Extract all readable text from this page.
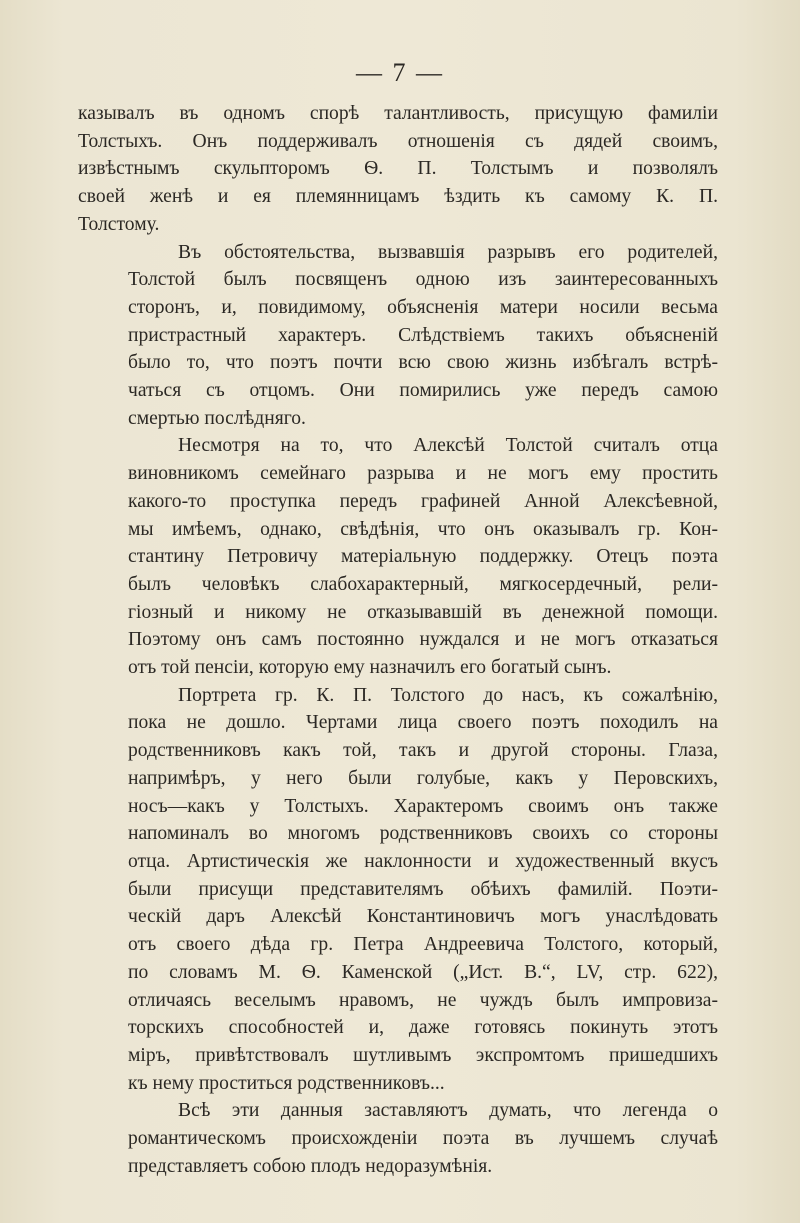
— 7 —
казывалъ въ одномъ спорѣ талантливость, присущую фамиліи
Толстыхъ. Онъ поддерживалъ отношенія съ дядей своимъ,
извѣстнымъ скульпторомъ Ѳ. П. Толстымъ и позволялъ
своей женѣ и ея племянницамъ ѣздить къ самому К. П.
Толстому.
Въ обстоятельства, вызвавшія разрывъ его родителей,
Толстой былъ посвященъ одною изъ заинтересованныхъ
сторонъ, и, повидимому, объясненія матери носили весьма
пристрастный характеръ. Слѣдствіемъ такихъ объясненій
было то, что поэтъ почти всю свою жизнь избѣгалъ встрѣ-
чаться съ отцомъ. Они помирились уже передъ самою
смертью послѣдняго.
Несмотря на то, что Алексѣй Толстой считалъ отца
виновникомъ семейнаго разрыва и не могъ ему простить
какого-то проступка передъ графиней Анной Алексѣевной,
мы имѣемъ, однако, свѣдѣнія, что онъ оказывалъ гр. Кон-
стантину Петровичу матеріальную поддержку. Отецъ поэта
былъ человѣкъ слабохарактерный, мягкосердечный, рели-
гіозный и никому не отказывавшій въ денежной помощи.
Поэтому онъ самъ постоянно нуждался и не могъ отказаться
отъ той пенсіи, которую ему назначилъ его богатый сынъ.
Портрета гр. К. П. Толстого до насъ, къ сожалѣнію,
пока не дошло. Чертами лица своего поэтъ походилъ на
родственниковъ какъ той, такъ и другой стороны. Глаза,
напримѣръ, у него были голубые, какъ у Перовскихъ,
носъ—какъ у Толстыхъ. Характеромъ своимъ онъ также
напоминалъ во многомъ родственниковъ своихъ со стороны
отца. Артистическія же наклонности и художественный вкусъ
были присущи представителямъ обѣихъ фамилій. Поэти-
ческій даръ Алексѣй Константиновичъ могъ унаслѣдовать
отъ своего дѣда гр. Петра Андреевича Толстого, который,
по словамъ М. Ѳ. Каменской („Ист. В.“, LV, стр. 622),
отличаясь веселымъ нравомъ, не чуждъ былъ импровиза-
торскихъ способностей и, даже готовясь покинуть этотъ
міръ, привѣтствовалъ шутливымъ экспромтомъ пришедшихъ
къ нему проститься родственниковъ...
Всѣ эти данныя заставляютъ думать, что легенда о
романтическомъ происхожденіи поэта въ лучшемъ случаѣ
представляетъ собою плодъ недоразумѣнія.
